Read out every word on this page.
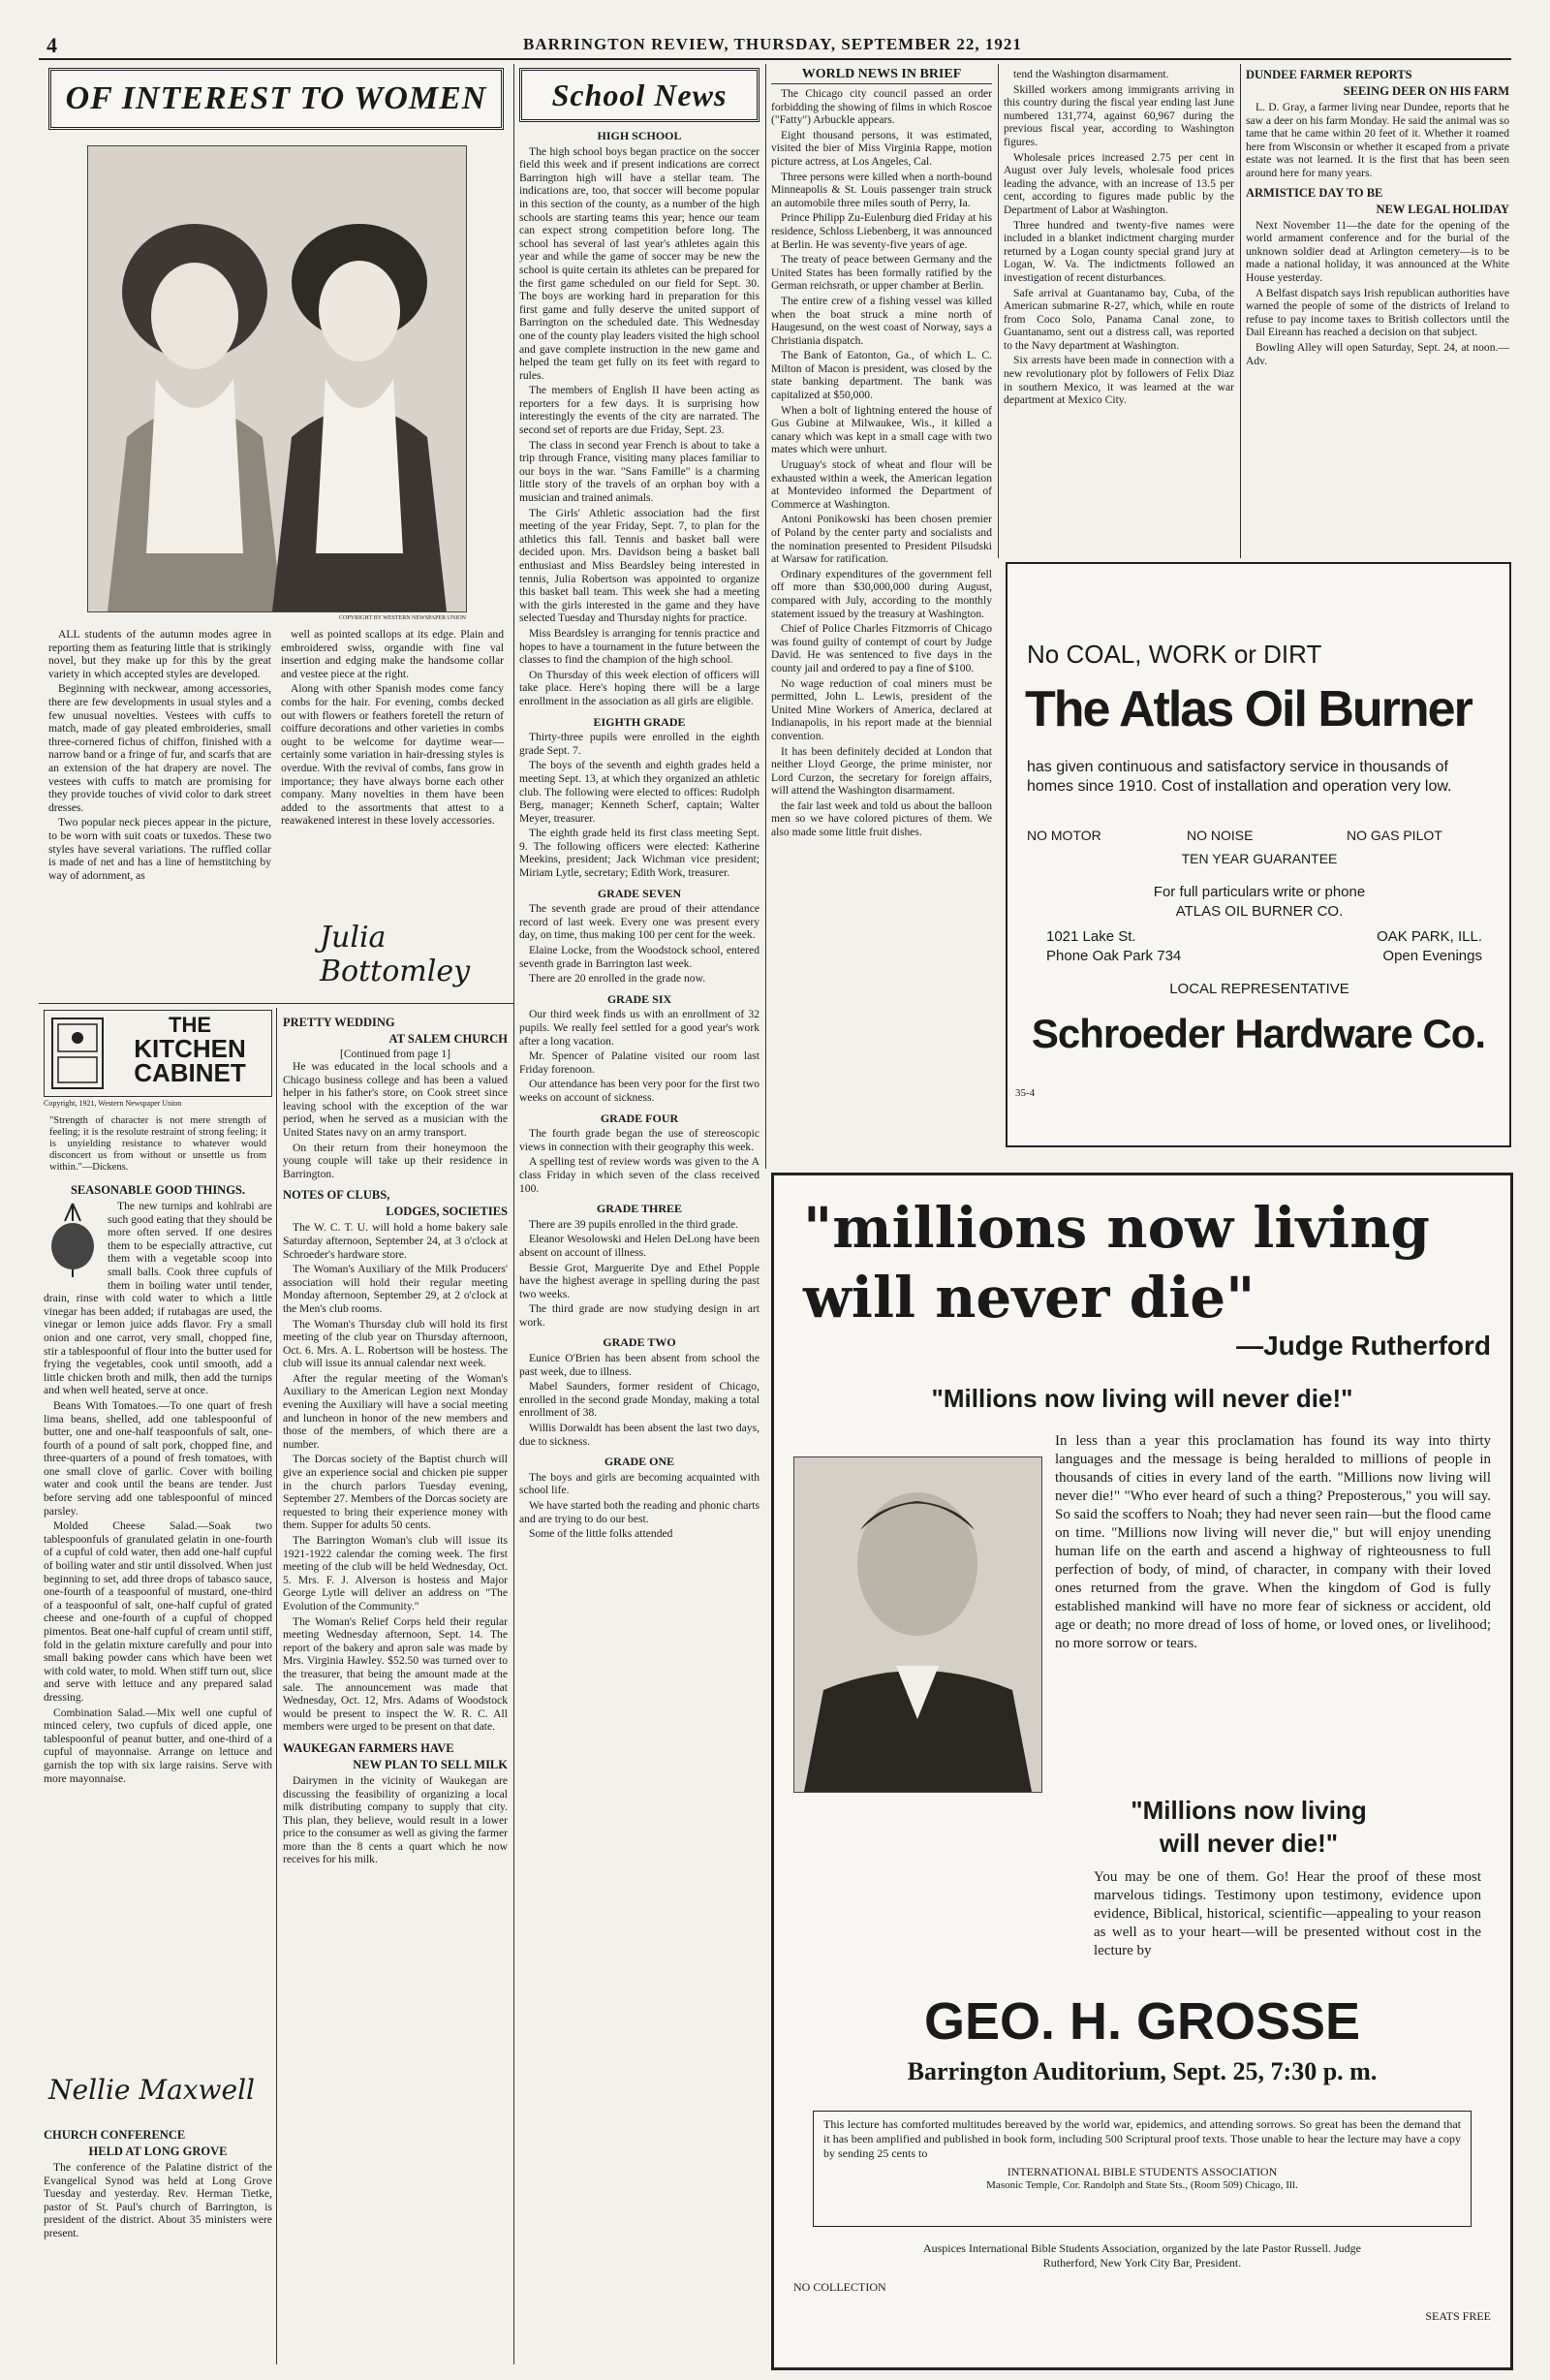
4	BARRINGTON REVIEW, THURSDAY, SEPTEMBER 22, 1921
OF INTEREST TO WOMEN
COPYRIGHT BY WESTERN NEWSPAPER UNION

ALL students of the autumn modes agree in reporting them as featuring little that is strikingly novel, but they make up for this by the great variety in which accepted styles are developed.

Beginning with neckwear, among accessories, there are few developments in usual styles and a few unusual novelties. Vestees with cuffs to match, made of gay pleated embroideries, small three-cornered fichus of chiffon, finished with a narrow band or a fringe of fur, and scarfs that are an extension of the hat drapery are novel. The vestees with cuffs to match are promising for they provide touches of vivid color to dark street dresses.

Two popular neck pieces appear in the picture, to be worn with suit coats or tuxedos. These two styles have several variations. The ruffled collar is made of net and has a line of hemstitching by way of adornment, as

well as pointed scallops at its edge. Plain and embroidered swiss, organdie with fine val insertion and edging make the handsome collar and vestee piece at the right.

Along with other Spanish modes come fancy combs for the hair. For evening, combs decked out with flowers or feathers foretell the return of coiffure decorations and other varieties in combs ought to be welcome for daytime wear—certainly some variation in hair-dressing styles is overdue. With the revival of combs, fans grow in importance; they have always borne each other company. Many novelties in them have been added to the assortments that attest to a reawakened interest in these lovely accessories.

Julia Bottomley
THE
KITCHEN
CABINET
Copyright, 1921, Western Newspaper Union
"Strength of character is not mere strength of feeling; it is the resolute restraint of strong feeling; it is unyielding resistance to whatever would disconcert us from without or unsettle us from within."—Dickens.
SEASONABLE GOOD THINGS.

The new turnips and kohlrabi are such good eating that they should be more often served. If one desires them to be especially attractive, cut them with a vegetable scoop into small balls. Cook three cupfuls of them in boiling water until tender, drain, rinse with cold water to which a little vinegar has been added; if rutabagas are used, the vinegar or lemon juice adds flavor. Fry a small onion and one carrot, very small, chopped fine, stir a tablespoonful of flour into the butter used for frying the vegetables, cook until smooth, add a little chicken broth and milk, then add the turnips and when well heated, serve at once.

Beans With Tomatoes.—To one quart of fresh lima beans, shelled, add one tablespoonful of butter, one and one-half teaspoonfuls of salt, one-fourth of a pound of salt pork, chopped fine, and three-quarters of a pound of fresh tomatoes, with one small clove of garlic. Cover with boiling water and cook until the beans are tender. Just before serving add one tablespoonful of minced parsley.

Molded Cheese Salad.—Soak two tablespoonfuls of granulated gelatin in one-fourth of a cupful of cold water, then add one-half cupful of boiling water and stir until dissolved. When just beginning to set, add three drops of tabasco sauce, one-fourth of a teaspoonful of mustard, one-third of a teaspoonful of salt, one-half cupful of grated cheese and one-fourth of a cupful of chopped pimentos. Beat one-half cupful of cream until stiff, fold in the gelatin mixture carefully and pour into small baking powder cans which have been wet with cold water, to mold. When stiff turn out, slice and serve with lettuce and any prepared salad dressing.

Combination Salad.—Mix well one cupful of minced celery, two cupfuls of diced apple, one tablespoonful of peanut butter, and one-third of a cupful of mayonnaise. Arrange on lettuce and garnish the top with six large raisins. Serve with more mayonnaise.

Nellie Maxwell
CHURCH CONFERENCE
HELD AT LONG GROVE

The conference of the Palatine district of the Evangelical Synod was held at Long Grove Tuesday and yesterday. Rev. Herman Tietke, pastor of St. Paul's church of Barrington, is president of the district. About 35 ministers were present.

PRETTY WEDDING
AT SALEM CHURCH
[Continued from page 1]

He was educated in the local schools and a Chicago business college and has been a valued helper in his father's store, on Cook street since leaving school with the exception of the war period, when he served as a musician with the United States navy on an army transport.

On their return from their honeymoon the young couple will take up their residence in Barrington.

NOTES OF CLUBS,
LODGES, SOCIETIES

The W. C. T. U. will hold a home bakery sale Saturday afternoon, September 24, at 3 o'clock at Schroeder's hardware store.

The Woman's Auxiliary of the Milk Producers' association will hold their regular meeting Monday afternoon, September 29, at 2 o'clock at the Men's club rooms.

The Woman's Thursday club will hold its first meeting of the club year on Thursday afternoon, Oct. 6. Mrs. A. L. Robertson will be hostess. The club will issue its annual calendar next week.

After the regular meeting of the Woman's Auxiliary to the American Legion next Monday evening the Auxiliary will have a social meeting and luncheon in honor of the new members and those of the members, of which there are a number.

The Dorcas society of the Baptist church will give an experience social and chicken pie supper in the church parlors Tuesday evening, September 27. Members of the Dorcas society are requested to bring their experience money with them. Supper for adults 50 cents.

The Barrington Woman's club will issue its 1921-1922 calendar the coming week. The first meeting of the club will be held Wednesday, Oct. 5. Mrs. F. J. Alverson is hostess and Major George Lytle will deliver an address on "The Evolution of the Community."

The Woman's Relief Corps held their regular meeting Wednesday afternoon, Sept. 14. The report of the bakery and apron sale was made by Mrs. Virginia Hawley. $52.50 was turned over to the treasurer, that being the amount made at the sale. The announcement was made that Wednesday, Oct. 12, Mrs. Adams of Woodstock would be present to inspect the W. R. C. All members were urged to be present on that date.

WAUKEGAN FARMERS HAVE
NEW PLAN TO SELL MILK

Dairymen in the vicinity of Waukegan are discussing the feasibility of organizing a local milk distributing company to supply that city. This plan, they believe, would result in a lower price to the consumer as well as giving the farmer more than the 8 cents a quart which he now receives for his milk.

School News
HIGH SCHOOL

The high school boys began practice on the soccer field this week and if present indications are correct Barrington high will have a stellar team. The indications are, too, that soccer will become popular in this section of the county, as a number of the high schools are starting teams this year; hence our team can expect strong competition before long. The school has several of last year's athletes again this year and while the game of soccer may be new the school is quite certain its athletes can be prepared for the first game scheduled on our field for Sept. 30. The boys are working hard in preparation for this first game and fully deserve the united support of Barrington on the scheduled date. This Wednesday one of the county play leaders visited the high school and gave complete instruction in the new game and helped the team get fully on its feet with regard to rules.

The members of English II have been acting as reporters for a few days. It is surprising how interestingly the events of the city are narrated. The second set of reports are due Friday, Sept. 23.

The class in second year French is about to take a trip through France, visiting many places familiar to our boys in the war. "Sans Famille" is a charming little story of the travels of an orphan boy with a musician and trained animals.

The Girls' Athletic association had the first meeting of the year Friday, Sept. 7, to plan for the athletics this fall. Tennis and basket ball were decided upon. Mrs. Davidson being a basket ball enthusiast and Miss Beardsley being interested in tennis, Julia Robertson was appointed to organize this basket ball team. This week she had a meeting with the girls interested in the game and they have selected Tuesday and Thursday nights for practice.

Miss Beardsley is arranging for tennis practice and hopes to have a tournament in the future between the classes to find the champion of the high school.

On Thursday of this week election of officers will take place. Here's hoping there will be a large enrollment in the association as all girls are eligible.

EIGHTH GRADE

Thirty-three pupils were enrolled in the eighth grade Sept. 7.

The boys of the seventh and eighth grades held a meeting Sept. 13, at which they organized an athletic club. The following were elected to offices: Rudolph Berg, manager; Kenneth Scherf, captain; Walter Meyer, treasurer.

The eighth grade held its first class meeting Sept. 9. The following officers were elected: Katherine Meekins, president; Jack Wichman vice president; Miriam Lytle, secretary; Edith Work, treasurer.

GRADE SEVEN

The seventh grade are proud of their attendance record of last week. Every one was present every day, on time, thus making 100 per cent for the week.

Elaine Locke, from the Woodstock school, entered seventh grade in Barrington last week.

There are 20 enrolled in the grade now.

GRADE SIX

Our third week finds us with an enrollment of 32 pupils. We really feel settled for a good year's work after a long vacation.

Mr. Spencer of Palatine visited our room last Friday forenoon.

Our attendance has been very poor for the first two weeks on account of sickness.

GRADE FOUR

The fourth grade began the use of stereoscopic views in connection with their geography this week.

A spelling test of review words was given to the A class Friday in which seven of the class received 100.

GRADE THREE

There are 39 pupils enrolled in the third grade.

Eleanor Wesolowski and Helen DeLong have been absent on account of illness.

Bessie Grot, Marguerite Dye and Ethel Popple have the highest average in spelling during the past two weeks.

The third grade are now studying design in art work.

GRADE TWO

Eunice O'Brien has been absent from school the past week, due to illness.

Mabel Saunders, former resident of Chicago, enrolled in the second grade Monday, making a total enrollment of 38.

Willis Dorwaldt has been absent the last two days, due to sickness.

GRADE ONE

The boys and girls are becoming acquainted with school life.

We have started both the reading and phonic charts and are trying to do our best.

Some of the little folks attended

WORLD NEWS IN BRIEF

The Chicago city council passed an order forbidding the showing of films in which Roscoe ("Fatty") Arbuckle appears.

Eight thousand persons, it was estimated, visited the bier of Miss Virginia Rappe, motion picture actress, at Los Angeles, Cal.

Three persons were killed when a north-bound Minneapolis & St. Louis passenger train struck an automobile three miles south of Perry, Ia.

Prince Philipp Zu-Eulenburg died Friday at his residence, Schloss Liebenberg, it was announced at Berlin. He was seventy-five years of age.

The treaty of peace between Germany and the United States has been formally ratified by the German reichsrath, or upper chamber at Berlin.

The entire crew of a fishing vessel was killed when the boat struck a mine north of Haugesund, on the west coast of Norway, says a Christiania dispatch.

The Bank of Eatonton, Ga., of which L. C. Milton of Macon is president, was closed by the state banking department. The bank was capitalized at $50,000.

When a bolt of lightning entered the house of Gus Gubine at Milwaukee, Wis., it killed a canary which was kept in a small cage with two mates which were unhurt.

Uruguay's stock of wheat and flour will be exhausted within a week, the American legation at Montevideo informed the Department of Commerce at Washington.

Antoni Ponikowski has been chosen premier of Poland by the center party and socialists and the nomination presented to President Pilsudski at Warsaw for ratification.

Ordinary expenditures of the government fell off more than $30,000,000 during August, compared with July, according to the monthly statement issued by the treasury at Washington.

Chief of Police Charles Fitzmorris of Chicago was found guilty of contempt of court by Judge David. He was sentenced to five days in the county jail and ordered to pay a fine of $100.

No wage reduction of coal miners must be permitted, John L. Lewis, president of the United Mine Workers of America, declared at Indianapolis, in his report made at the biennial convention.

It has been definitely decided at London that neither Lloyd George, the prime minister, nor Lord Curzon, the secretary for foreign affairs, will attend the Washington disarmament.

the fair last week and told us about the balloon men so we have colored pictures of them. We also made some little fruit dishes.

tend the Washington disarmament.

Skilled workers among immigrants arriving in this country during the fiscal year ending last June numbered 131,774, against 60,967 during the previous fiscal year, according to Washington figures.

Wholesale prices increased 2.75 per cent in August over July levels, wholesale food prices leading the advance, with an increase of 13.5 per cent, according to figures made public by the Department of Labor at Washington.

Three hundred and twenty-five names were included in a blanket indictment charging murder returned by a Logan county special grand jury at Logan, W. Va. The indictments followed an investigation of recent disturbances.

Safe arrival at Guantanamo bay, Cuba, of the American submarine R-27, which, while en route from Coco Solo, Panama Canal zone, to Guantanamo, sent out a distress call, was reported to the Navy department at Washington.

Six arrests have been made in connection with a new revolutionary plot by followers of Felix Diaz in southern Mexico, it was learned at the war department at Mexico City.

DUNDEE FARMER REPORTS
SEEING DEER ON HIS FARM

L. D. Gray, a farmer living near Dundee, reports that he saw a deer on his farm Monday. He said the animal was so tame that he came within 20 feet of it. Whether it roamed here from Wisconsin or whether it escaped from a private estate was not learned. It is the first that has been seen around here for many years.

ARMISTICE DAY TO BE
NEW LEGAL HOLIDAY

Next November 11—the date for the opening of the world armament conference and for the burial of the unknown soldier dead at Arlington cemetery—is to be made a national holiday, it was announced at the White House yesterday.

A Belfast dispatch says Irish republican authorities have warned the people of some of the districts of Ireland to refuse to pay income taxes to British collectors until the Dail Eireann has reached a decision on that subject.

Bowling Alley will open Saturday, Sept. 24, at noon.—Adv.

No COAL, WORK or DIRT
The Atlas Oil Burner
has given continuous and satisfactory service in thousands of homes since 1910. Cost of installation and operation very low.
NO MOTOR	NO NOISE	NO GAS PILOT
TEN YEAR GUARANTEE
For full particulars write or phone
ATLAS OIL BURNER CO.
1021 Lake St.
Phone Oak Park 734
OAK PARK, ILL.
Open Evenings
LOCAL REPRESENTATIVE
Schroeder Hardware Co.
35-4
"millions now living
will never die"
—Judge Rutherford
"Millions now living will never die!"
In less than a year this proclamation has found its way into thirty languages and the message is being heralded to millions of people in thousands of cities in every land of the earth. "Millions now living will never die!" "Who ever heard of such a thing? Preposterous," you will say. So said the scoffers to Noah; they had never seen rain—but the flood came on time. "Millions now living will never die," but will enjoy unending human life on the earth and ascend a highway of righteousness to full perfection of body, of mind, of character, in company with their loved ones returned from the grave. When the kingdom of God is fully established mankind will have no more fear of sickness or accident, old age or death; no more dread of loss of home, or loved ones, or livelihood; no more sorrow or tears.
"Millions now living
will never die!"
You may be one of them. Go! Hear the proof of these most marvelous tidings. Testimony upon testimony, evidence upon evidence, Biblical, historical, scientific—appealing to your reason as well as to your heart—will be presented without cost in the lecture by
GEO. H. GROSSE
Barrington Auditorium, Sept. 25, 7:30 p. m.
This lecture has comforted multitudes bereaved by the world war, epidemics, and attending sorrows. So great has been the demand that it has been amplified and published in book form, including 500 Scriptural proof texts. Those unable to hear the lecture may have a copy by sending 25 cents to
INTERNATIONAL BIBLE STUDENTS ASSOCIATION
Masonic Temple, Cor. Randolph and State Sts., (Room 509) Chicago, Ill.
Auspices International Bible Students Association, organized by the late Pastor Russell. Judge Rutherford, New York City Bar, President.
NO COLLECTION
SEATS FREE
